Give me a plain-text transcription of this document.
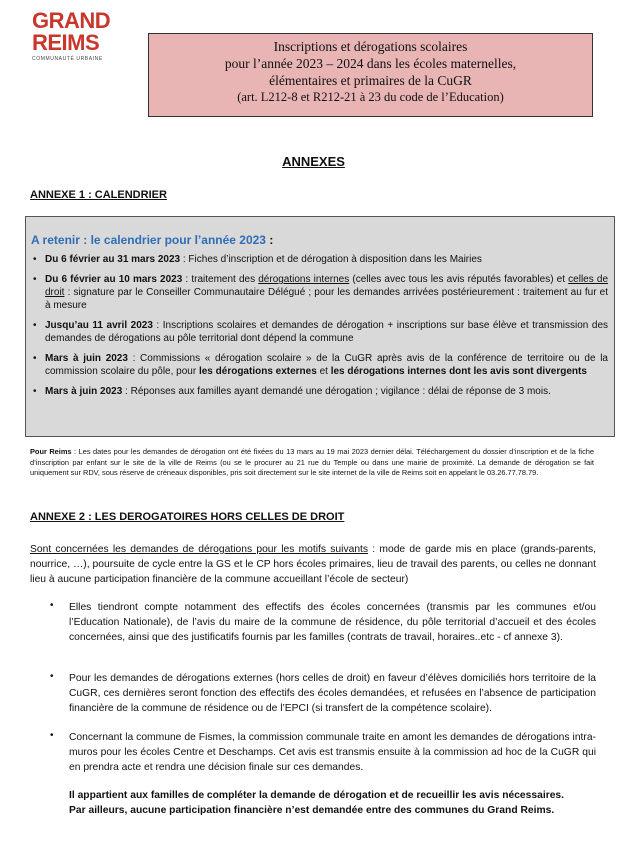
GRAND
REIMS
COMMUNAUTÉ URBAINE
Inscriptions et dérogations scolaires
pour l’année 2023 – 2024 dans les écoles maternelles,
élémentaires et primaires de la CuGR
(art. L212-8 et R212-21 à 23 du code de l’Education)
ANNEXES
ANNEXE 1 : CALENDRIER
A retenir : le calendrier pour l’année 2023 :
• Du 6 février au 31 mars 2023 : Fiches d’inscription et de dérogation à disposition dans les Mairies
• Du 6 février au 10 mars 2023 : traitement des dérogations internes (celles avec tous les avis réputés favorables) et celles de droit : signature par le Conseiller Communautaire Délégué ; pour les demandes arrivées postérieurement : traitement au fur et à mesure
• Jusqu’au 11 avril 2023 : Inscriptions scolaires et demandes de dérogation + inscriptions sur base élève et transmission des demandes de dérogations au pôle territorial dont dépend la commune
• Mars à juin 2023 : Commissions « dérogation scolaire » de la CuGR après avis de la conférence de territoire ou de la commission scolaire du pôle, pour les dérogations externes et les dérogations internes dont les avis sont divergents
• Mars à juin 2023 : Réponses aux familles ayant demandé une dérogation ; vigilance : délai de réponse de 3 mois.
Pour Reims : Les dates pour les demandes de dérogation ont été fixées du 13 mars au 19 mai 2023 dernier délai. Téléchargement du dossier d’inscription et de la fiche d’inscription par enfant sur le site de la ville de Reims (ou se le procurer au 21 rue du Temple ou dans une mairie de proximité. La demande de dérogation se fait uniquement sur RDV, sous réserve de créneaux disponibles, pris soit directement sur le site internet de la ville de Reims soit en appelant le 03.26.77.78.79.
ANNEXE 2 : LES DEROGATOIRES HORS CELLES DE DROIT
Sont concernées les demandes de dérogations pour les motifs suivants : mode de garde mis en place (grands-parents, nourrice, …), poursuite de cycle entre la GS et le CP hors écoles primaires, lieu de travail des parents, ou celles ne donnant lieu à aucune participation financière de la commune accueillant l’école de secteur)
• Elles tiendront compte notamment des effectifs des écoles concernées (transmis par les communes et/ou l’Education Nationale), de l’avis du maire de la commune de résidence, du pôle territorial d’accueil et des écoles concernées, ainsi que des justificatifs fournis par les familles (contrats de travail, horaires..etc - cf annexe 3).
• Pour les demandes de dérogations externes (hors celles de droit) en faveur d’élèves domiciliés hors territoire de la CuGR, ces dernières seront fonction des effectifs des écoles demandées, et refusées en l’absence de participation financière de la commune de résidence ou de l’EPCI (si transfert de la compétence scolaire).
• Concernant la commune de Fismes, la commission communale traite en amont les demandes de dérogations intra-muros pour les écoles Centre et Deschamps. Cet avis est transmis ensuite à la commission ad hoc de la CuGR qui en prendra acte et rendra une décision finale sur ces demandes.
Il appartient aux familles de compléter la demande de dérogation et de recueillir les avis nécessaires.
Par ailleurs, aucune participation financière n’est demandée entre des communes du Grand Reims.
